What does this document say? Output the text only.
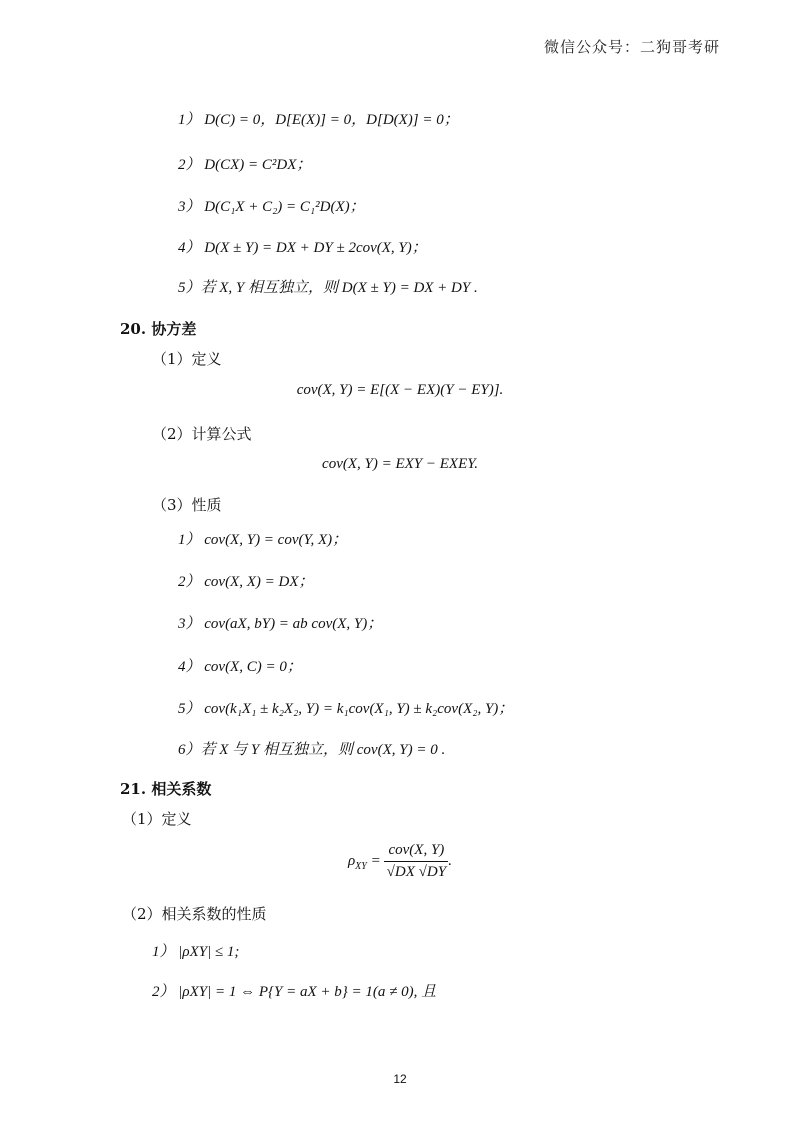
微信公众号：二狗哥考研
1） D(C) = 0，D[E(X)] = 0，D[D(X)] = 0；
2） D(CX) = C²DX；
3） D(C₁X + C₂) = C₁²D(X)；
4） D(X ± Y) = DX + DY ± 2cov(X, Y)；
5）若 X, Y 相互独立，则 D(X ± Y) = DX + DY .
20. 协方差
（1）定义
cov(X, Y) = E[(X − EX)(Y − EY)].
（2）计算公式
cov(X, Y) = EXY − EXEY.
（3）性质
1） cov(X, Y) = cov(Y, X)；
2） cov(X, X) = DX；
3） cov(aX, bY) = ab cov(X, Y)；
4） cov(X, C) = 0；
5） cov(k₁X₁ ± k₂X₂, Y) = k₁cov(X₁, Y) ± k₂cov(X₂, Y)；
6）若 X 与 Y 相互独立，则 cov(X, Y) = 0 .
21. 相关系数
（1）定义
$\rho_{XY} = \frac{\text{cov(X, Y)}}{√DX √DY}$ .
（2）相关系数的性质
1） |ρXY| ≤ 1;
2） |ρXY| = 1 ⇔ P{Y = aX + b} = 1(a ≠ 0), 且
12
